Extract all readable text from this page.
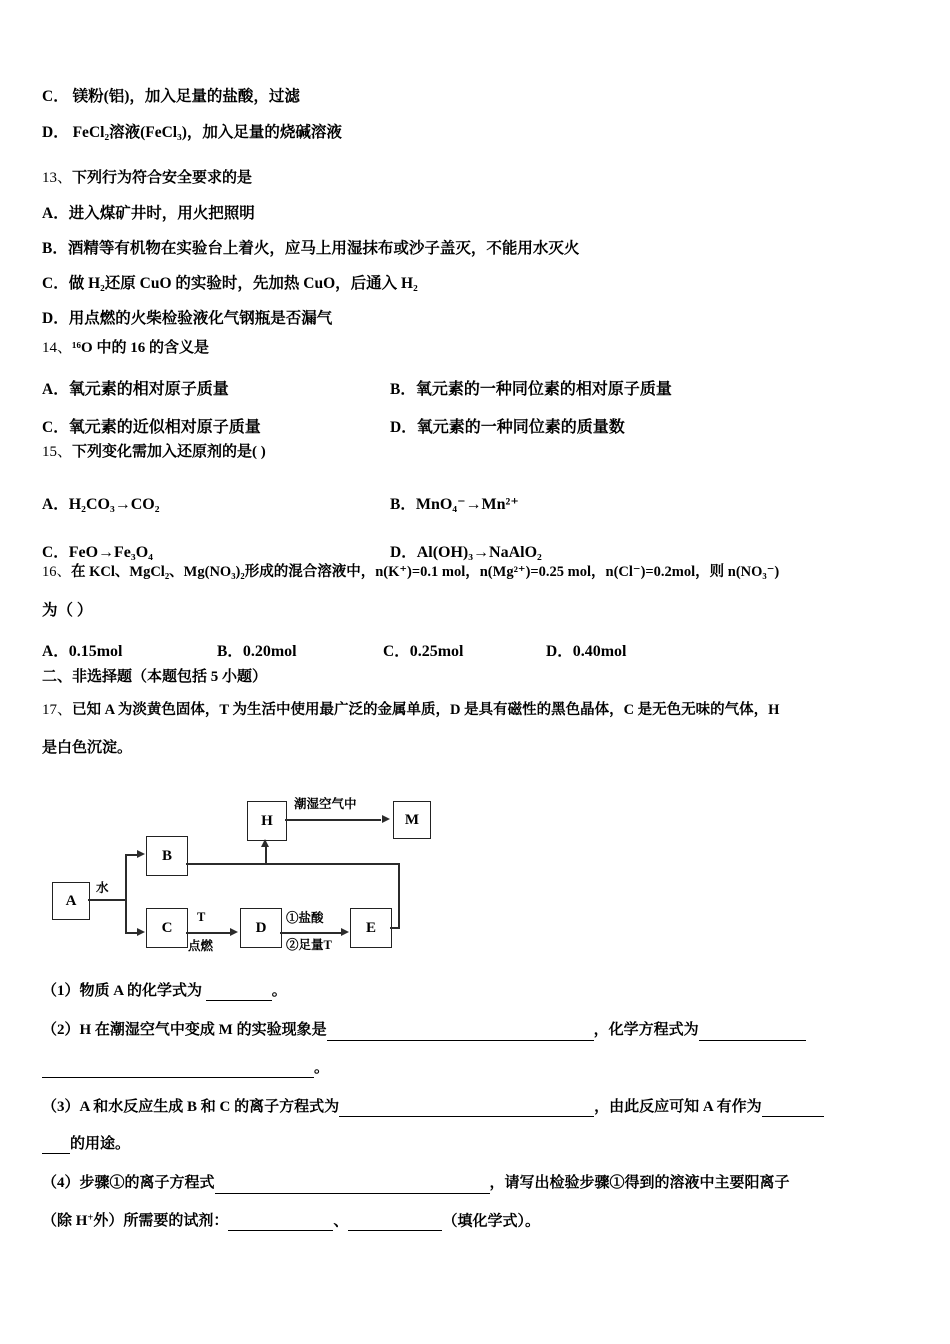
C． 镁粉(铝)，加入足量的盐酸，过滤
D． FeCl₂溶液(FeCl₃)，加入足量的烧碱溶液
13、下列行为符合安全要求的是
A．进入煤矿井时，用火把照明
B．酒精等有机物在实验台上着火，应马上用湿抹布或沙子盖灭，不能用水灭火
C．做 H₂还原 CuO 的实验时，先加热 CuO，后通入 H₂
D．用点燃的火柴检验液化气钢瓶是否漏气
14、¹⁶O 中的 16 的含义是
A．氧元素的相对原子质量	B．氧元素的一种同位素的相对原子质量
C．氧元素的近似相对原子质量	D．氧元素的一种同位素的质量数
15、下列变化需加入还原剂的是( )
A．H₂CO₃→CO₂	B．MnO₄⁻→Mn²⁺
C．FeO→Fe₃O₄	D．Al(OH)₃→NaAlO₂
16、在 KCl、MgCl₂、Mg(NO₃)₂形成的混合溶液中，n(K⁺)=0.1 mol，n(Mg²⁺)=0.25 mol，n(Cl⁻)=0.2mol，则 n(NO₃⁻)
为（ ）
A．0.15mol	B．0.20mol	C．0.25mol	D．0.40mol
二、非选择题（本题包括 5 小题）
17、已知 A 为淡黄色固体，T 为生活中使用最广泛的金属单质，D 是具有磁性的黑色晶体，C 是无色无味的气体，H
是白色沉淀。
A
B
C	D	E
H	M
水
T
点燃
①盐酸
②足量T
潮湿空气中
（1）物质 A 的化学式为	。
（2）H 在潮湿空气中变成 M 的实验现象是	，化学方程式为
。
（3）A 和水反应生成 B 和 C 的离子方程式为	，由此反应可知 A 有作为
的用途。
（4）步骤①的离子方程式	，请写出检验步骤①得到的溶液中主要阳离子
（除 H+外）所需要的试剂：	、	（填化学式）。
